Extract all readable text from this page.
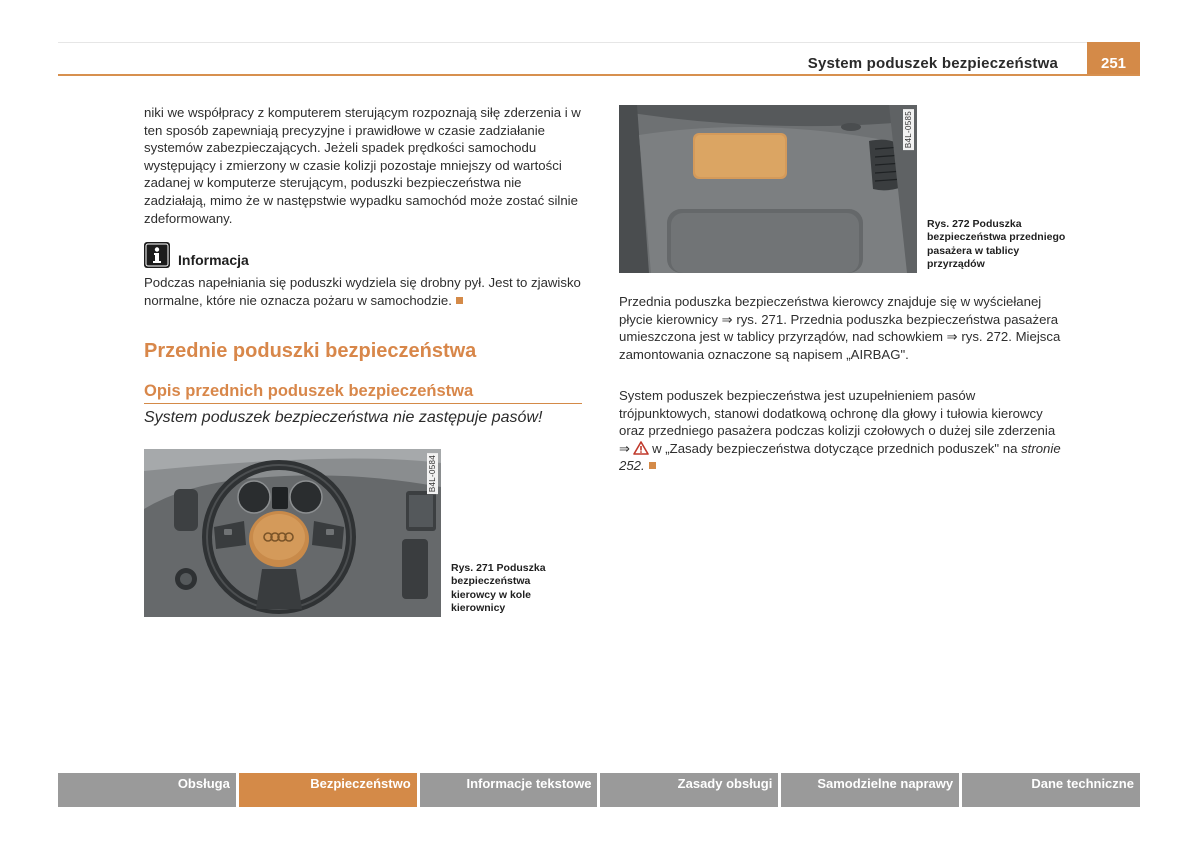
System poduszek bezpieczeństwa	251
niki we współpracy z komputerem sterującym rozpoznają siłę zderzenia i w ten sposób zapewniają precyzyjne i prawidłowe w czasie zadziałanie systemów zabezpieczających. Jeżeli spadek prędkości samochodu występujący i zmierzony w czasie kolizji pozostaje mniejszy od wartości zadanej w komputerze sterującym, poduszki bezpieczeństwa nie zadziałają, mimo że w następstwie wypadku samochód może zostać silnie zdeformowany.
Informacja
Podczas napełniania się poduszki wydziela się drobny pył. Jest to zjawisko normalne, które nie oznacza pożaru w samochodzie.
Przednie poduszki bezpieczeństwa
Opis przednich poduszek bezpieczeństwa
System poduszek bezpieczeństwa nie zastępuje pasów!
B4L-0584
Rys. 271 Poduszka bezpieczeństwa kierowcy w kole kierownicy
B4L-0585
Rys. 272 Poduszka bezpieczeństwa przedniego pasażera w tablicy przyrządów
Przednia poduszka bezpieczeństwa kierowcy znajduje się w wyściełanej płycie kierownicy ⇒ rys. 271. Przednia poduszka bezpieczeństwa pasażera umieszczona jest w tablicy przyrządów, nad schowkiem ⇒ rys. 272. Miejsca zamontowania oznaczone są napisem „AIRBAG".
System poduszek bezpieczeństwa jest uzupełnieniem pasów trójpunktowych, stanowi dodatkową ochronę dla głowy i tułowia kierowcy oraz przedniego pasażera podczas kolizji czołowych o dużej sile zderzenia ⇒ w „Zasady bezpieczeństwa dotyczące przednich poduszek" na stronie 252.
Obsługa	Bezpieczeństwo	Informacje tekstowe	Zasady obsługi	Samodzielne naprawy	Dane techniczne
